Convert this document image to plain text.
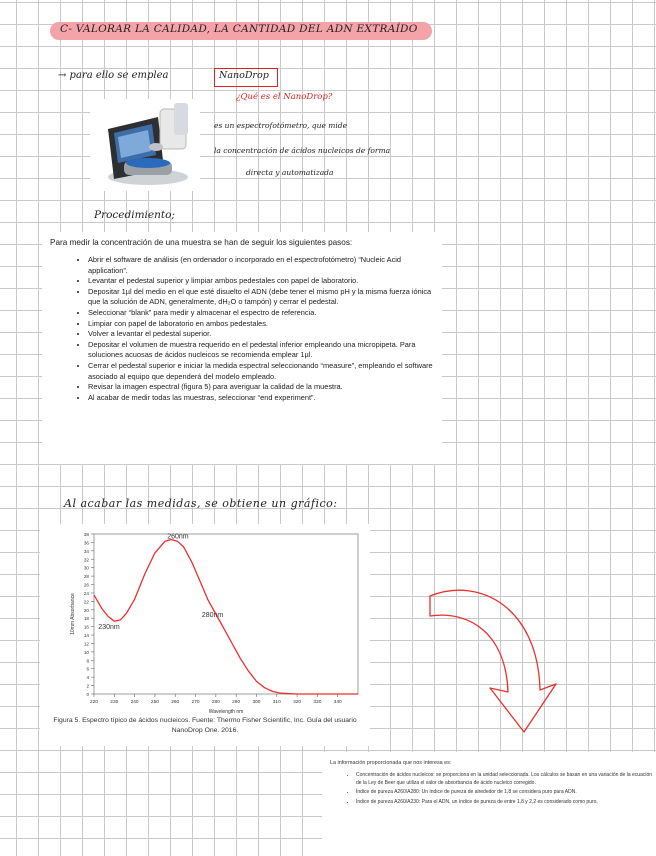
C- VALORAR LA CALIDAD, LA CANTIDAD DEL ADN EXTRAÍDO
→ para ello se emplea	NanoDrop
¿Qué es el NanoDrop?
es un espectrofotómetro, que mide
la concentración de ácidos nucleicos de forma
directa y automatizada
Procedimiento;

Para medir la concentración de una muestra se han de seguir los siguientes pasos:

• Abrir el software de análisis (en ordenador o incorporado en el espectrofotómetro) “Nucleic Acid application”.
• Levantar el pedestal superior y limpiar ambos pedestales con papel de laboratorio.
• Depositar 1µl del medio en el que esté disuelto el ADN (debe tener el mismo pH y la misma fuerza iónica que la solución de ADN, generalmente, dH₂O o tampón) y cerrar el pedestal.
• Seleccionar “blank” para medir y almacenar el espectro de referencia.
• Limpiar con papel de laboratorio en ambos pedestales.
• Volver a levantar el pedestal superior.
• Depositar el volumen de muestra requerido en el pedestal inferior empleando una micropipeta. Para soluciones acuosas de ácidos nucleicos se recomienda emplear 1µl.
• Cerrar el pedestal superior e iniciar la medida espectral seleccionando “measure”, empleando el software asociado al equipo que dependerá del modelo empleado.
• Revisar la imagen espectral (figura 5) para averiguar la calidad de la muestra.
• Al acabar de medir todas las muestras, seleccionar “end experiment”.
Al acabar las medidas, se obtiene un gráfico:
0
2
4
6
8
10
12
14
16
18
20
22
24
26
28
30
32
34
36
38
220	230	240	250	260	270	280	290	300	310	320	330	340
Wavelength nm
10mm Absorbance
260nm
280nm
230nm
Figura 5. Espectro típico de ácidos nucleicos. Fuente: Thermo Fisher Scientific, Inc. Guía del usuario
NanoDrop One. 2016.

La información proporcionada que nos interesa es:

• Concentración de ácidos nucleicos: se proporciona en la unidad seleccionada. Los cálculos se basan en una variación de la ecuación de la Ley de Beer que utiliza el valor de absorbancia de ácido nucleico corregido.
• Índice de pureza A260/A280: Un índice de pureza de alrededor de 1,8 se considera puro para ADN.
• Índice de pureza A260/A230: Para el ADN, un índice de pureza de entre 1,8 y 2,2 es considerado como puro.
